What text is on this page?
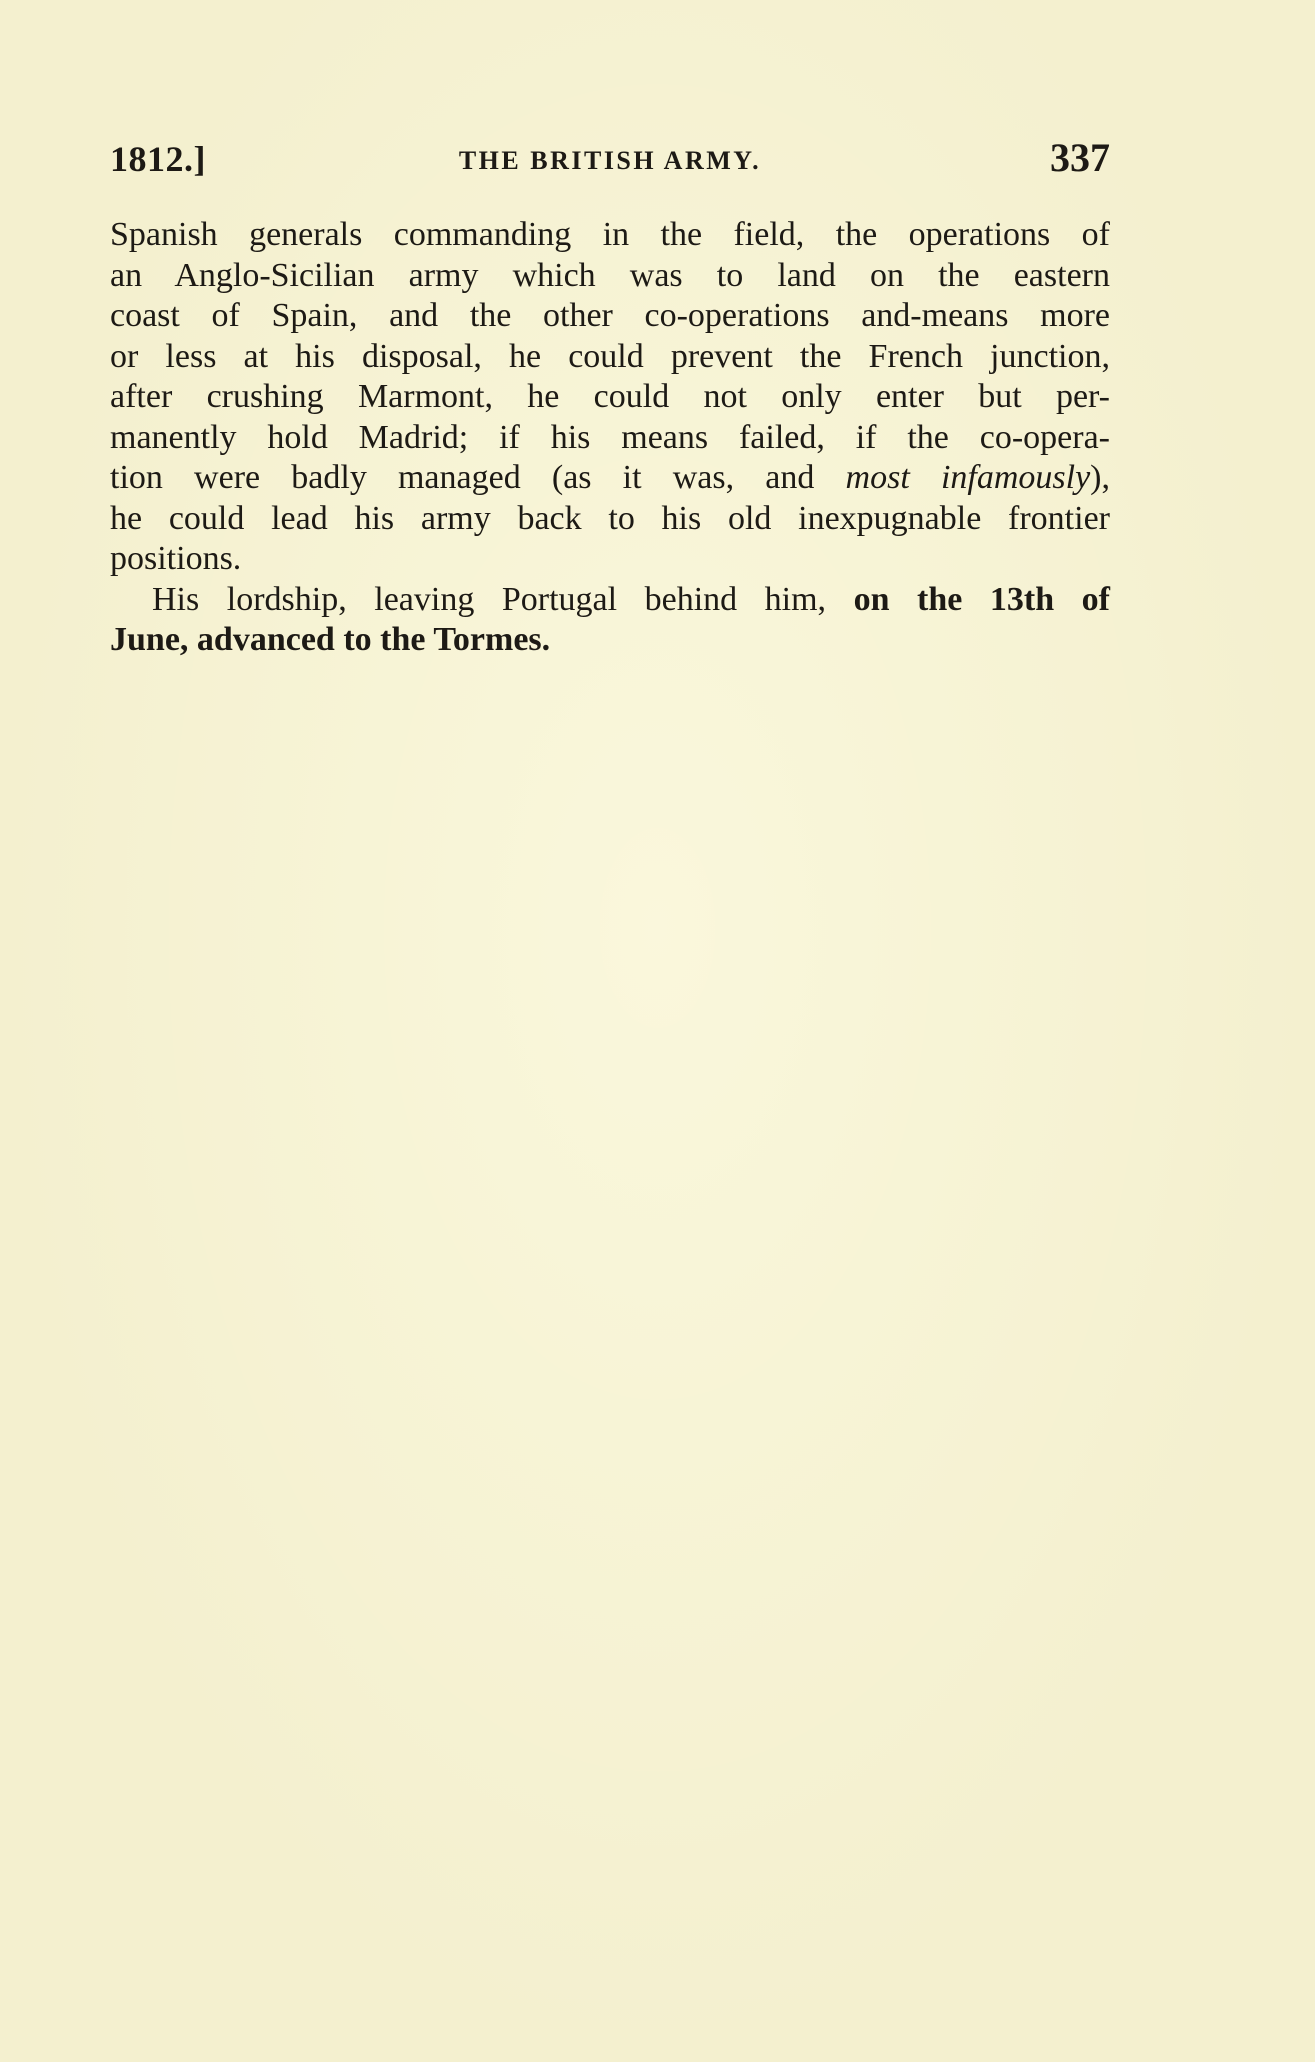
1812.]	THE BRITISH ARMY.	337
Spanish generals commanding in the field, the operations of
an Anglo-Sicilian army which was to land on the eastern
coast of Spain, and the other co-operations and-means more
or less at his disposal, he could prevent the French junction,
after crushing Marmont, he could not only enter but per-
manently hold Madrid; if his means failed, if the co-opera-
tion were badly managed (as it was, and most infamously),
he could lead his army back to his old inexpugnable frontier
positions.
His lordship, leaving Portugal behind him, on the 13th of
June, advanced to the Tormes.
